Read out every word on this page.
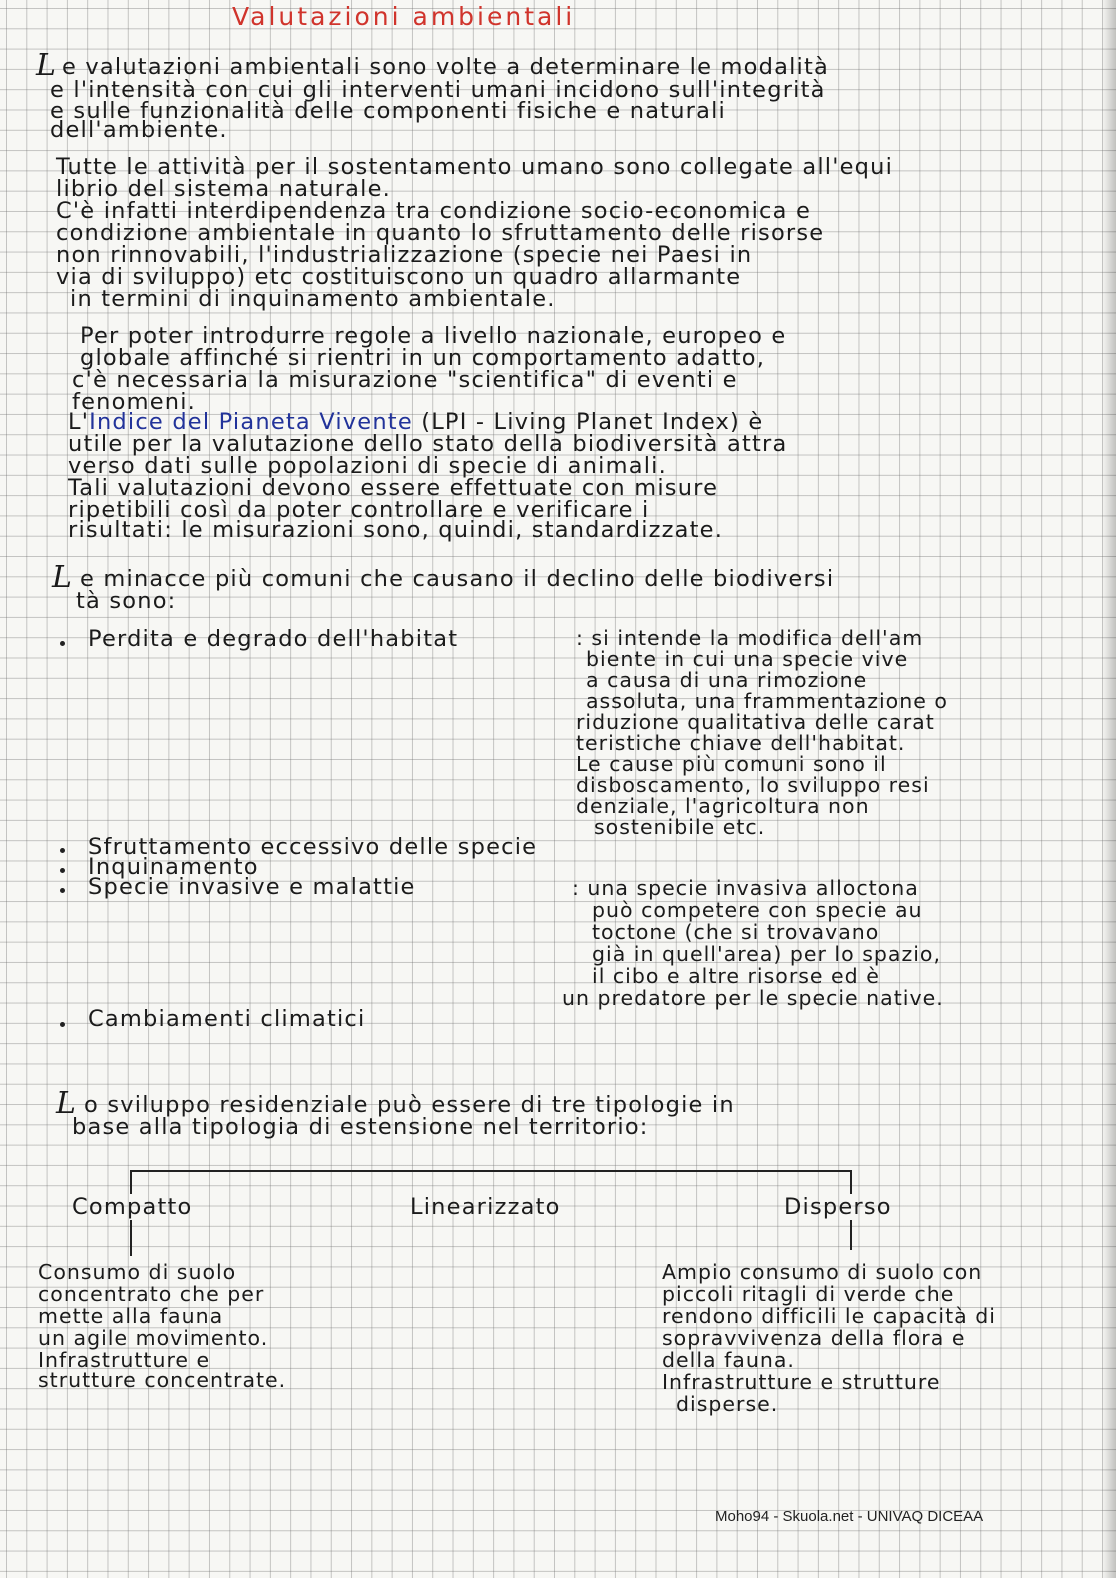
Valutazioni ambientali
L e valutazioni ambientali sono volte a determinare le modalità
e l'intensità con cui gli interventi umani incidono sull'integrità
e sulle funzionalità delle componenti fisiche e naturali
dell'ambiente.
Tutte le attività per il sostentamento umano sono collegate all'equi
librio del sistema naturale.
C'è infatti interdipendenza tra condizione socio-economica e
condizione ambientale in quanto lo sfruttamento delle risorse
non rinnovabili, l'industrializzazione (specie nei Paesi in
via di sviluppo) etc costituiscono un quadro allarmante
in termini di inquinamento ambientale.
Per poter introdurre regole a livello nazionale, europeo e
globale affinché si rientri in un comportamento adatto,
c'è necessaria la misurazione "scientifica" di eventi e
fenomeni.
L'Indice del Pianeta Vivente (LPI - Living Planet Index) è
utile per la valutazione dello stato della biodiversità attra
verso dati sulle popolazioni di specie di animali.
Tali valutazioni devono essere effettuate con misure
ripetibili così da poter controllare e verificare i
risultati: le misurazioni sono, quindi, standardizzate.
L e minacce più comuni che causano il declino delle biodiversi
tà sono:
Perdita e degrado dell'habitat	: si intende la modifica dell'am
biente in cui una specie vive
a causa di una rimozione
assoluta, una frammentazione o
riduzione qualitativa delle carat
teristiche chiave dell'habitat.
Le cause più comuni sono il
disboscamento, lo sviluppo resi
denziale, l'agricoltura non
sostenibile etc.
Sfruttamento eccessivo delle specie
Inquinamento
Specie invasive e malattie	: una specie invasiva alloctona
può competere con specie au
toctone (che si trovavano
già in quell'area) per lo spazio,
il cibo e altre risorse ed è
un predatore per le specie native.
Cambiamenti climatici
L o sviluppo residenziale può essere di tre tipologie in
base alla tipologia di estensione nel territorio:
Compatto	Linearizzato	Disperso
Consumo di suolo
concentrato che per
mette alla fauna
un agile movimento.
Infrastrutture e
strutture concentrate.
Ampio consumo di suolo con
piccoli ritagli di verde che
rendono difficili le capacità di
sopravvivenza della flora e
della fauna.
Infrastrutture e strutture
disperse.
Moho94 - Skuola.net - UNIVAQ DICEAA
